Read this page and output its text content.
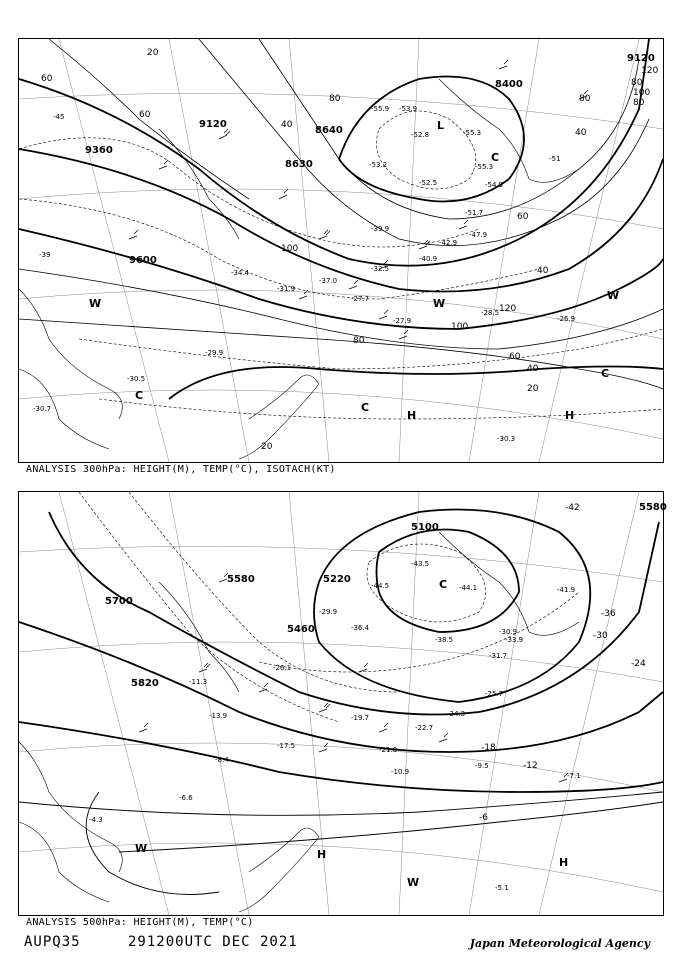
9120
9360
9600
8640
8630
8400
9120
20
60
80
40
100
100
80
40
60
60
40
20
120
100
80
60
40
20
120
80
80
L
C
W	W
C
C
C
H	H
W
-53.9
-55.9
-52.8
-53.2
-55.3
-55.3
-54.9
-52.5
-51.7
-47.9
-42.9
-40.9
-39.9
-37.0
-34.4	-32.5
-31.9
-29.9
-28.5
-27.9
-27.7
-26.9
-30.5
-30.7
-30.3
-39
-45
-51
ANALYSIS 300hPa: HEIGHT(M), TEMP(°C), ISOTACH(KT)
5700
5100
5220
5460
5580
5580
5820
-42
-36
-30
-24
-18
-12
-6
C
W	H
H
W
-43.5
-44.5	-44.1	-41.9
-38.5
-36.4
-33.9
-31.7
-30.9
-29.9
-26.1
-25.7
-24.3
-22.7
-21.0
-19.7
-17.5
-13.9
-11.3
-10.9
-9.5
-8.4
-7.1
-6.6
-5.1
-4.3
ANALYSIS 500hPa: HEIGHT(M), TEMP(°C)
AUPQ35	291200UTC DEC 2021	Japan Meteorological Agency
